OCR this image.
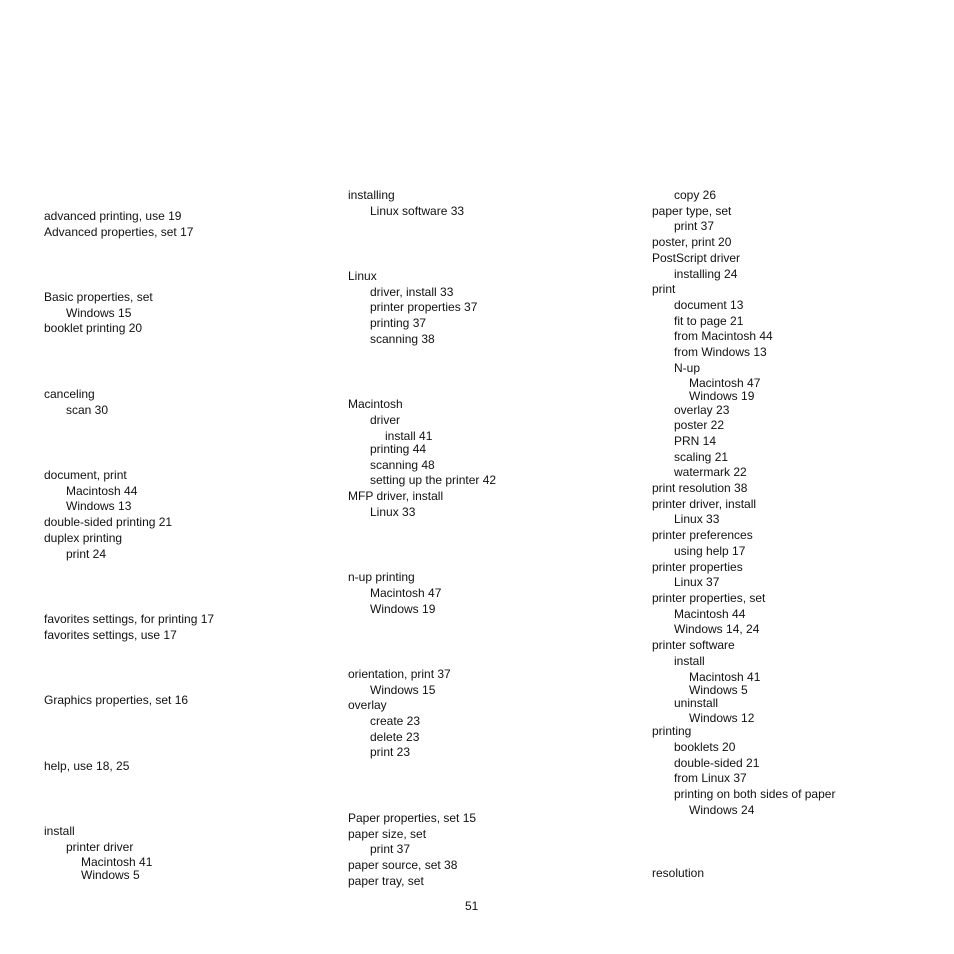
advanced printing, use 19
Advanced properties, set 17
Basic properties, set
Windows 15
booklet printing 20
canceling
scan 30
document, print
Macintosh 44
Windows 13
double-sided printing 21
duplex printing
print 24
favorites settings, for printing 17
favorites settings, use 17
Graphics properties, set 16
help, use 18, 25
install
printer driver
Macintosh 41
Windows 5
installing
Linux software 33
Linux
driver, install 33
printer properties 37
printing 37
scanning 38
Macintosh
driver
install 41
printing 44
scanning 48
setting up the printer 42
MFP driver, install
Linux 33
n-up printing
Macintosh 47
Windows 19
orientation, print 37
Windows 15
overlay
create 23
delete 23
print 23
Paper properties, set 15
paper size, set
print 37
paper source, set 38
paper tray, set
copy 26
paper type, set
print 37
poster, print 20
PostScript driver
installing 24
print
document 13
fit to page 21
from Macintosh 44
from Windows 13
N-up
Macintosh 47
Windows 19
overlay 23
poster 22
PRN 14
scaling 21
watermark 22
print resolution 38
printer driver, install
Linux 33
printer preferences
using help 17
printer properties
Linux 37
printer properties, set
Macintosh 44
Windows 14, 24
printer software
install
Macintosh 41
Windows 5
uninstall
Windows 12
printing
booklets 20
double-sided 21
from Linux 37
printing on both sides of paper
Windows 24
resolution
51
